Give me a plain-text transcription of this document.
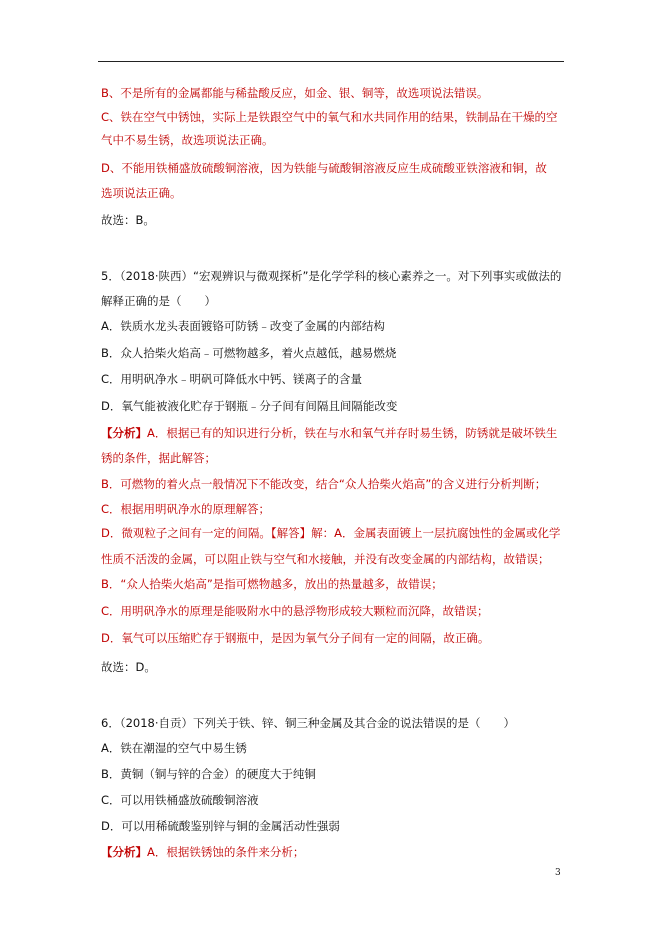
B、不是所有的金属都能与稀盐酸反应，如金、银、铜等，故选项说法错误。
C、铁在空气中锈蚀，实际上是铁跟空气中的氧气和水共同作用的结果，铁制品在干燥的空
气中不易生锈，故选项说法正确。
D、不能用铁桶盛放硫酸铜溶液，因为铁能与硫酸铜溶液反应生成硫酸亚铁溶液和铜，故
选项说法正确。
故选：B。
5．（2018·陕西）“宏观辨识与微观探析”是化学学科的核心素养之一。对下列事实或做法的
解释正确的是（　　）
A．铁质水龙头表面镀铬可防锈﹣改变了金属的内部结构
B．众人拾柴火焰高﹣可燃物越多，着火点越低，越易燃烧
C．用明矾净水﹣明矾可降低水中钙、镁离子的含量
D．氧气能被液化贮存于钢瓶﹣分子间有间隔且间隔能改变
【分析】A．根据已有的知识进行分析，铁在与水和氧气并存时易生锈，防锈就是破坏铁生
锈的条件，据此解答；
B．可燃物的着火点一般情况下不能改变，结合“众人拾柴火焰高”的含义进行分析判断；
C．根据用明矾净水的原理解答；
D．微观粒子之间有一定的间隔。【解答】解：A．金属表面镀上一层抗腐蚀性的金属或化学
性质不活泼的金属，可以阻止铁与空气和水接触，并没有改变金属的内部结构，故错误；
B．“众人拾柴火焰高”是指可燃物越多，放出的热量越多，故错误；
C．用明矾净水的原理是能吸附水中的悬浮物形成较大颗粒而沉降，故错误；
D．氧气可以压缩贮存于钢瓶中，是因为氧气分子间有一定的间隔，故正确。
故选：D。
6．（2018·自贡）下列关于铁、锌、铜三种金属及其合金的说法错误的是（　　）
A．铁在潮湿的空气中易生锈
B．黄铜（铜与锌的合金）的硬度大于纯铜
C．可以用铁桶盛放硫酸铜溶液
D．可以用稀硫酸鉴别锌与铜的金属活动性强弱
【分析】A．根据铁锈蚀的条件来分析；
3
